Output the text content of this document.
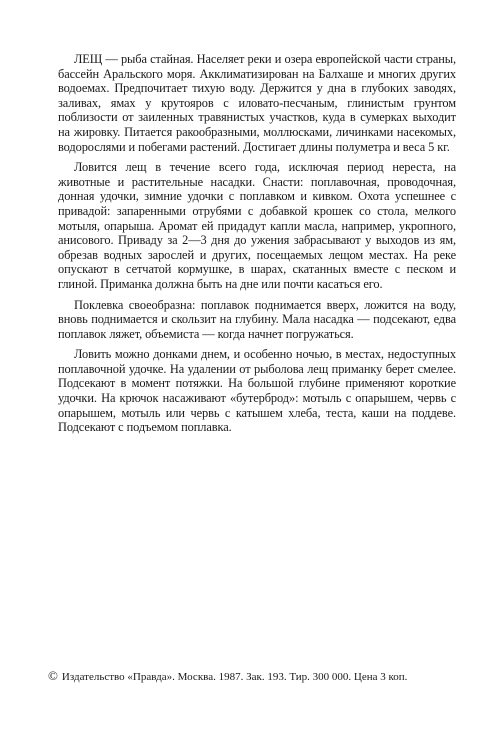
ЛЕЩ — рыба стайная. Населяет реки и озера европейской части страны, бассейн Аральского моря. Акклиматизирован на Балхаше и многих других водоемах. Предпочитает тихую воду. Держится у дна в глубоких заводях, заливах, ямах у крутояров с иловато-песчаным, глинистым грунтом поблизости от заиленных травянистых участков, куда в сумерках выходит на жировку. Питается ракообразными, моллюсками, личинками насекомых, водорослями и побегами растений. Достигает длины полуметра и веса 5 кг.

Ловится лещ в течение всего года, исключая период нереста, на животные и растительные насадки. Снасти: поплавочная, проводочная, донная удочки, зимние удочки с поплавком и кивком. Охота успешнее с привадой: запаренными отрубями с добавкой крошек со стола, мелкого мотыля, опарыша. Аромат ей придадут капли масла, например, укропного, анисового. Приваду за 2—3 дня до ужения забрасывают у выходов из ям, обрезав водных зарослей и других, посещаемых лещом местах. На реке опускают в сетчатой кормушке, в шарах, скатанных вместе с песком и глиной. Приманка должна быть на дне или почти касаться его.

Поклевка своеобразна: поплавок поднимается вверх, ложится на воду, вновь поднимается и скользит на глубину. Мала насадка — подсекают, едва поплавок ляжет, объемиста — когда начнет погружаться.

Ловить можно донками днем, и особенно ночью, в местах, недоступных поплавочной удочке. На удалении от рыболова лещ приманку берет смелее. Подсекают в момент потяжки. На большой глубине применяют короткие удочки. На крючок насаживают «бутерброд»: мотыль с опарышем, червь с опарышем, мотыль или червь с катышем хлеба, теста, каши на поддеве. Подсекают с подъемом поплавка.

© Издательство «Правда». Москва. 1987. Зак. 193. Тир. 300 000. Цена 3 коп.
